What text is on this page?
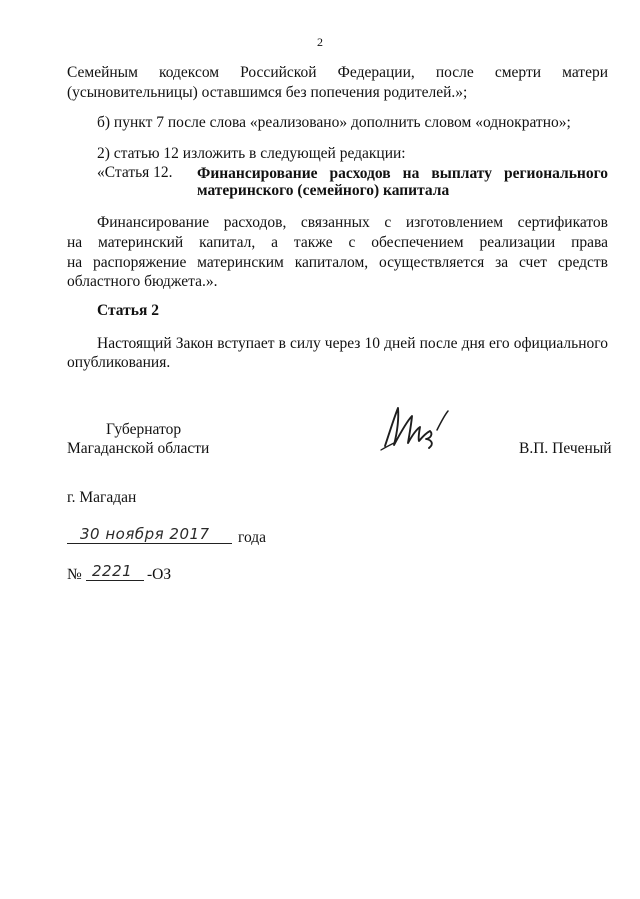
2

Семейным кодексом Российской Федерации, после смерти матери

(усыновительницы) оставшимся без попечения родителей.»;

б) пункт 7 после слова «реализовано» дополнить словом «однократно»;

2) статью 12 изложить в следующей редакции:

«Статья 12. Финансирование расходов на выплату регионального

материнского (семейного) капитала

Финансирование расходов, связанных с изготовлением сертификатов

на материнский капитал, а также с обеспечением реализации права

на распоряжение материнским капиталом, осуществляется за счет средств

областного бюджета.».

Статья 2

Настоящий Закон вступает в силу через 10 дней после дня его официального

опубликования.

Губернатор

Магаданской области	В.П. Печеный

г. Магадан

30 ноября 2017 года

№ 2221 -ОЗ
